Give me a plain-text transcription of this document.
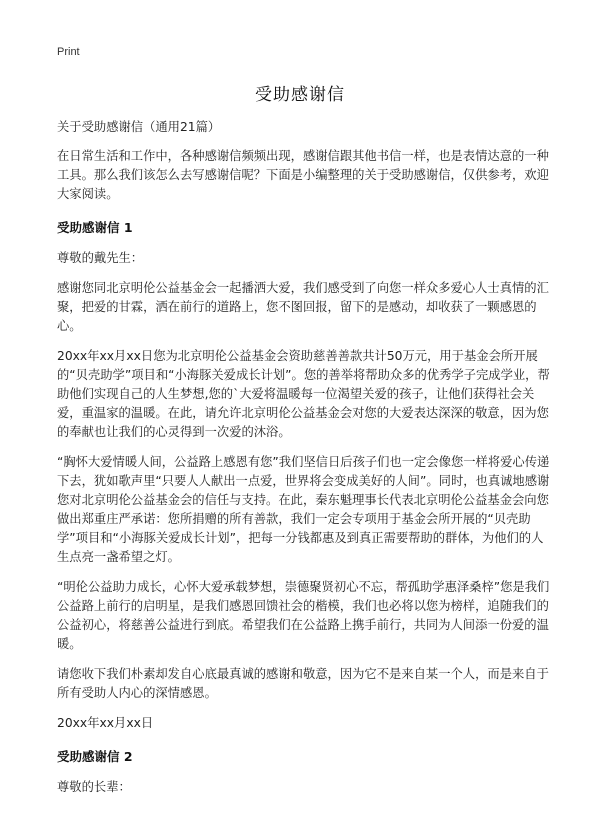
Print
受助感谢信

关于受助感谢信（通用21篇）

在日常生活和工作中，各种感谢信频频出现，感谢信跟其他书信一样，也是表情达意的一种工具。那么我们该怎么去写感谢信呢？下面是小编整理的关于受助感谢信，仅供参考，欢迎大家阅读。

受助感谢信 1

尊敬的戴先生：

感谢您同北京明伦公益基金会一起播洒大爱，我们感受到了向您一样众多爱心人士真情的汇聚，把爱的甘霖，洒在前行的道路上，您不图回报，留下的是感动，却收获了一颗感恩的心。

20xx年xx月xx日您为北京明伦公益基金会资助慈善善款共计50万元，用于基金会所开展的“贝壳助学”项目和“小海豚关爱成长计划”。您的善举将帮助众多的优秀学子完成学业，帮助他们实现自己的人生梦想,您的`大爱将温暖每一位渴望关爱的孩子，让他们获得社会关爱，重温家的温暖。在此，请允许北京明伦公益基金会对您的大爱表达深深的敬意，因为您的奉献也让我们的心灵得到一次爱的沐浴。

“胸怀大爱情暖人间，公益路上感恩有您”我们坚信日后孩子们也一定会像您一样将爱心传递下去，犹如歌声里“只要人人献出一点爱，世界将会变成美好的人间”。同时，也真诚地感谢您对北京明伦公益基金会的信任与支持。在此，秦东魁理事长代表北京明伦公益基金会向您做出郑重庄严承诺：您所捐赠的所有善款，我们一定会专项用于基金会所开展的“贝壳助学”项目和“小海豚关爱成长计划”，把每一分钱都惠及到真正需要帮助的群体，为他们的人生点亮一盏希望之灯。

“明伦公益助力成长，心怀大爱承载梦想，崇德聚贤初心不忘，帮孤助学惠泽桑梓”您是我们公益路上前行的启明星，是我们感恩回馈社会的楷模，我们也必将以您为榜样，追随我们的公益初心，将慈善公益进行到底。希望我们在公益路上携手前行，共同为人间添一份爱的温暖。

请您收下我们朴素却发自心底最真诚的感谢和敬意，因为它不是来自某一个人，而是来自于所有受助人内心的深情感恩。

20xx年xx月xx日

受助感谢信 2

尊敬的长辈：
